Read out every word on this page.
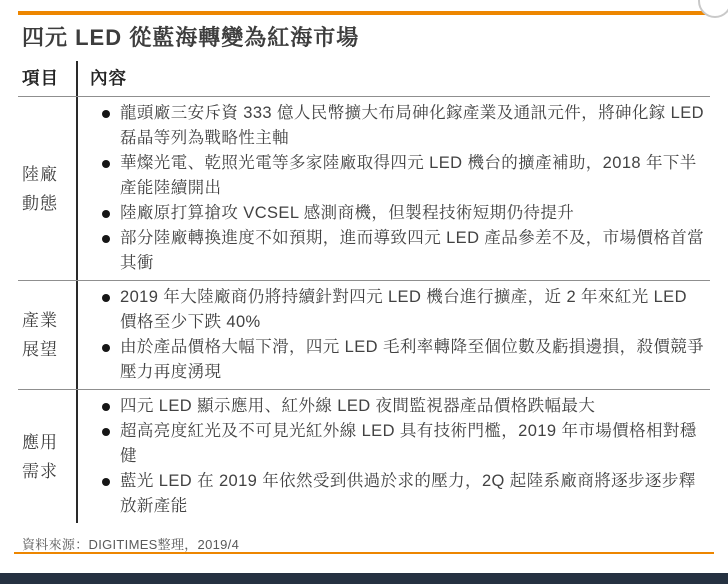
四元 LED 從藍海轉變為紅海市場
項目	內容
陸廠動態
龍頭廠三安斥資 333 億人民幣擴大布局砷化鎵產業及通訊元件，將砷化鎵 LED 磊晶等列為戰略性主軸
華燦光電、乾照光電等多家陸廠取得四元 LED 機台的擴產補助，2018 年下半產能陸續開出
陸廠原打算搶攻 VCSEL 感測商機，但製程技術短期仍待提升
部分陸廠轉換進度不如預期，進而導致四元 LED 產品參差不及，市場價格首當其衝
產業展望
2019 年大陸廠商仍將持續針對四元 LED 機台進行擴產，近 2 年來紅光 LED 價格至少下跌 40%
由於產品價格大幅下滑，四元 LED 毛利率轉降至個位數及虧損邊損，殺價競爭壓力再度湧現
應用需求
四元 LED 顯示應用、紅外線 LED 夜間監視器產品價格跌幅最大
超高亮度紅光及不可見光紅外線 LED 具有技術門檻，2019 年市場價格相對穩健
藍光 LED 在 2019 年依然受到供過於求的壓力，2Q 起陸系廠商將逐步逐步釋放新產能
資料來源：DIGITIMES整理，2019/4
